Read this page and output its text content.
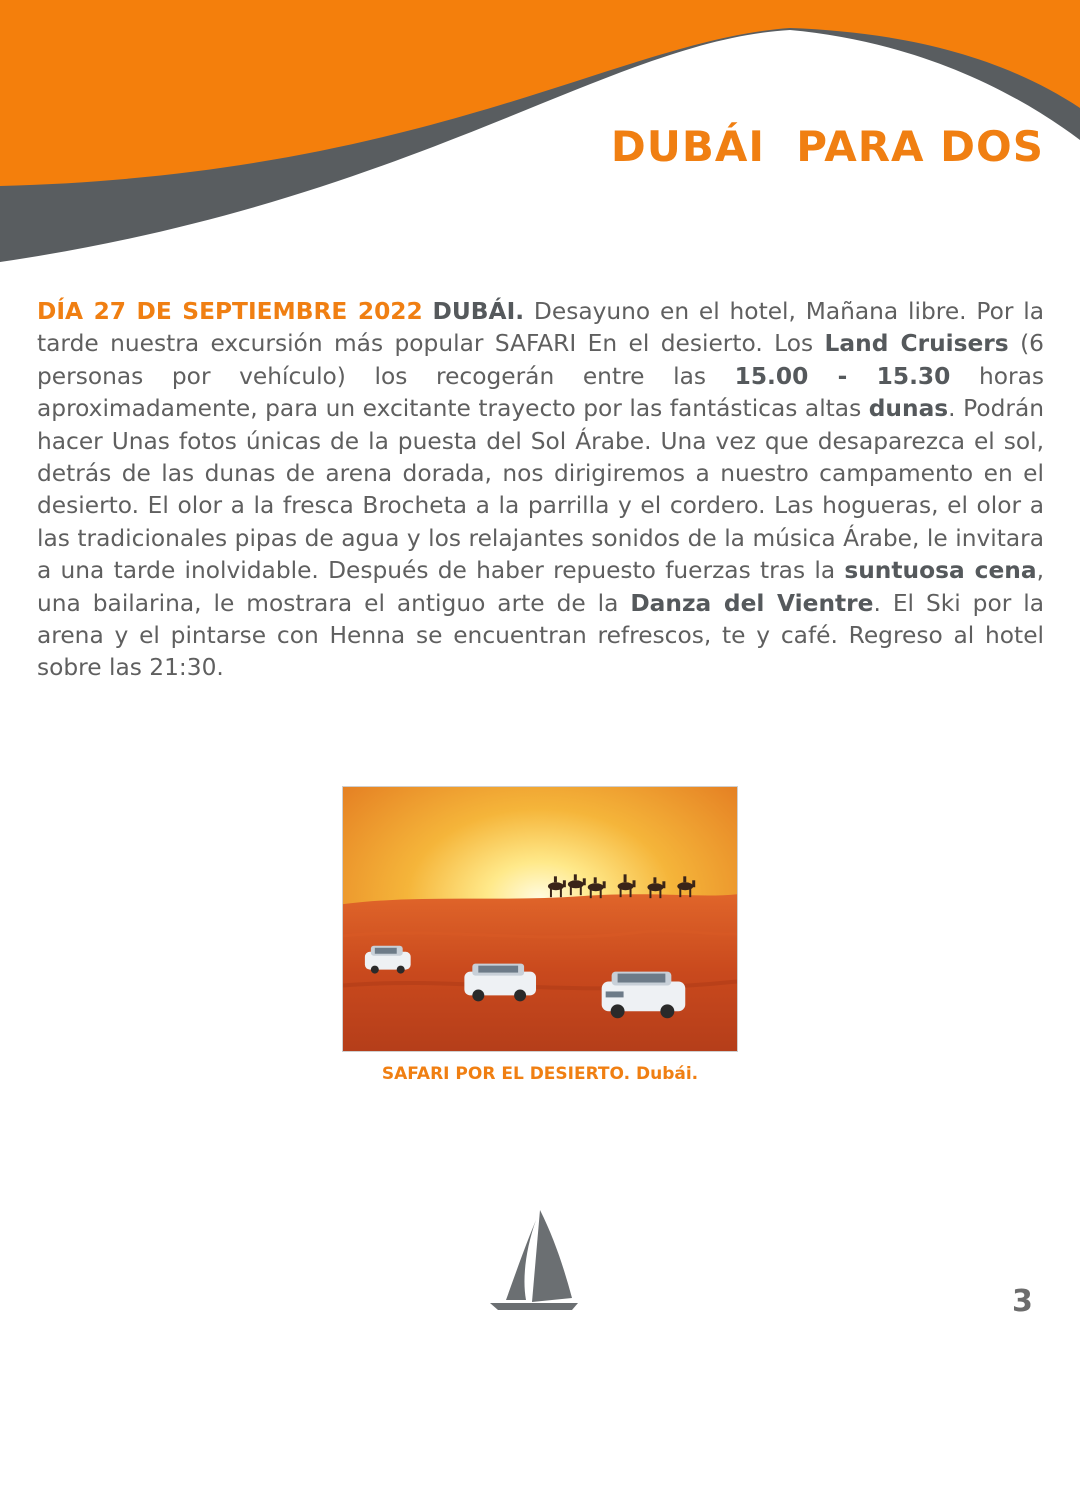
DUBÁI  PARA DOS

DÍA 27 DE SEPTIEMBRE 2022 DUBÁI. Desayuno en el hotel, Mañana libre. Por la tarde nuestra excursión más popular SAFARI En el desierto. Los Land Cruisers (6 personas por vehículo) los recogerán entre las 15.00 - 15.30 horas aproximadamente, para un excitante trayecto por las fantásticas altas dunas. Podrán hacer Unas fotos únicas de la puesta del Sol Árabe. Una vez que desaparezca el sol, detrás de las dunas de arena dorada, nos dirigiremos a nuestro campamento en el desierto. El olor a la fresca Brocheta a la parrilla y el cordero. Las hogueras, el olor a las tradicionales pipas de agua y los relajantes sonidos de la música Árabe, le invitara a una tarde inolvidable. Después de haber repuesto fuerzas tras la suntuosa cena, una bailarina, le mostrara el antiguo arte de la Danza del Vientre. El Ski por la arena y el pintarse con Henna se encuentran refrescos, te y café. Regreso al hotel sobre las 21:30.

SAFARI POR EL DESIERTO. Dubái.
3
